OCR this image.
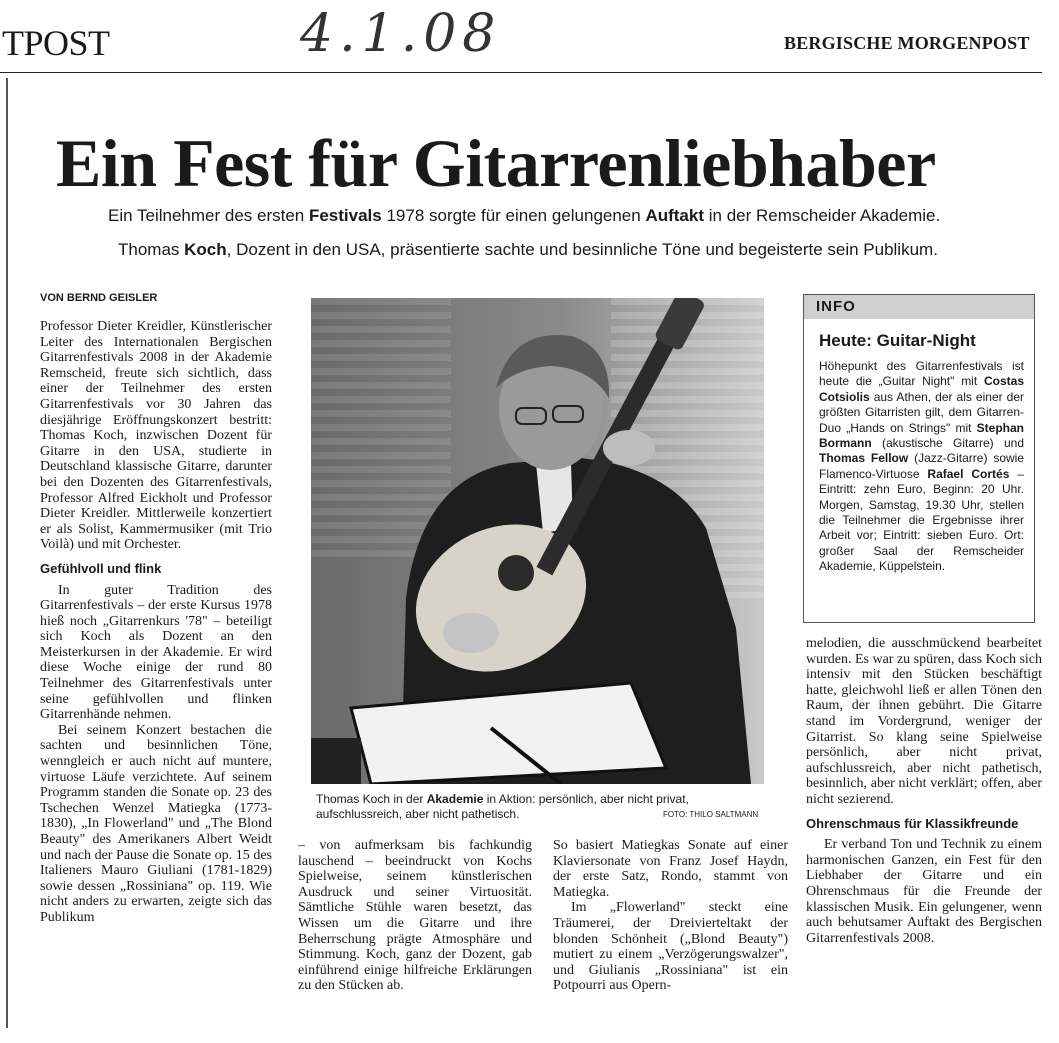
TPOST	4.1.08	BERGISCHE MORGENPOST
Ein Fest für Gitarrenliebhaber
Ein Teilnehmer des ersten Festivals 1978 sorgte für einen gelungenen Auftakt in der Remscheider Akademie.
Thomas Koch, Dozent in den USA, präsentierte sachte und besinnliche Töne und begeisterte sein Publikum.
VON BERND GEISLER

Professor Dieter Kreidler, Künstlerischer Leiter des Internationalen Bergischen Gitarrenfestivals 2008 in der Akademie Remscheid, freute sich sichtlich, dass einer der Teilnehmer des ersten Gitarrenfestivals vor 30 Jahren das diesjährige Eröffnungskonzert bestritt: Thomas Koch, inzwischen Dozent für Gitarre in den USA, studierte in Deutschland klassische Gitarre, darunter bei den Dozenten des Gitarrenfestivals, Professor Alfred Eickholt und Professor Dieter Kreidler. Mittlerweile konzertiert er als Solist, Kammermusiker (mit Trio Voilà) und mit Orchester.

Gefühlvoll und flink

In guter Tradition des Gitarrenfestivals – der erste Kursus 1978 hieß noch „Gitarrenkurs '78" – beteiligt sich Koch als Dozent an den Meisterkursen in der Akademie. Er wird diese Woche einige der rund 80 Teilnehmer des Gitarrenfestivals unter seine gefühlvollen und flinken Gitarrenhände nehmen.

Bei seinem Konzert bestachen die sachten und besinnlichen Töne, wenngleich er auch nicht auf muntere, virtuose Läufe verzichtete. Auf seinem Programm standen die Sonate op. 23 des Tschechen Wenzel Matiegka (1773-1830), „In Flowerland" und „The Blond Beauty" des Amerikaners Albert Weidt und nach der Pause die Sonate op. 15 des Italieners Mauro Giuliani (1781-1829) sowie dessen „Rossiniana" op. 119. Wie nicht anders zu erwarten, zeigte sich das Publikum

Thomas Koch in der Akademie in Aktion: persönlich, aber nicht privat, aufschlussreich, aber nicht pathetisch.	FOTO: THILO SALTMANN
INFO
Heute: Guitar-Night
Höhepunkt des Gitarrenfestivals ist heute die „Guitar Night" mit Costas Cotsiolis aus Athen, der als einer der größten Gitarristen gilt, dem Gitarren-Duo „Hands on Strings" mit Stephan Bormann (akustische Gitarre) und Thomas Fellow (Jazz-Gitarre) sowie Flamenco-Virtuose Rafael Cortés – Eintritt: zehn Euro, Beginn: 20 Uhr. Morgen, Samstag, 19.30 Uhr, stellen die Teilnehmer die Ergebnisse ihrer Arbeit vor; Eintritt: sieben Euro. Ort: großer Saal der Remscheider Akademie, Küppelstein.

– von aufmerksam bis fachkundig lauschend – beeindruckt von Kochs Spielweise, seinem künstlerischen Ausdruck und seiner Virtuosität. Sämtliche Stühle waren besetzt, das Wissen um die Gitarre und ihre Beherrschung prägte Atmosphäre und Stimmung. Koch, ganz der Dozent, gab einführend einige hilfreiche Erklärungen zu den Stücken ab.

So basiert Matiegkas Sonate auf einer Klaviersonate von Franz Josef Haydn, der erste Satz, Rondo, stammt von Matiegka.

Im „Flowerland" steckt eine Träumerei, der Dreivierteltakt der blonden Schönheit („Blond Beauty") mutiert zu einem „Verzögerungswalzer", und Giulianis „Rossiniana" ist ein Potpourri aus Opern-

melodien, die ausschmückend bearbeitet wurden. Es war zu spüren, dass Koch sich intensiv mit den Stücken beschäftigt hatte, gleichwohl ließ er allen Tönen den Raum, der ihnen gebührt. Die Gitarre stand im Vordergrund, weniger der Gitarrist. So klang seine Spielweise persönlich, aber nicht privat, aufschlussreich, aber nicht pathetisch, besinnlich, aber nicht verklärt; offen, aber nicht sezierend.

Ohrenschmaus für Klassikfreunde

Er verband Ton und Technik zu einem harmonischen Ganzen, ein Fest für den Liebhaber der Gitarre und ein Ohrenschmaus für die Freunde der klassischen Musik. Ein gelungener, wenn auch behutsamer Auftakt des Bergischen Gitarrenfestivals 2008.
